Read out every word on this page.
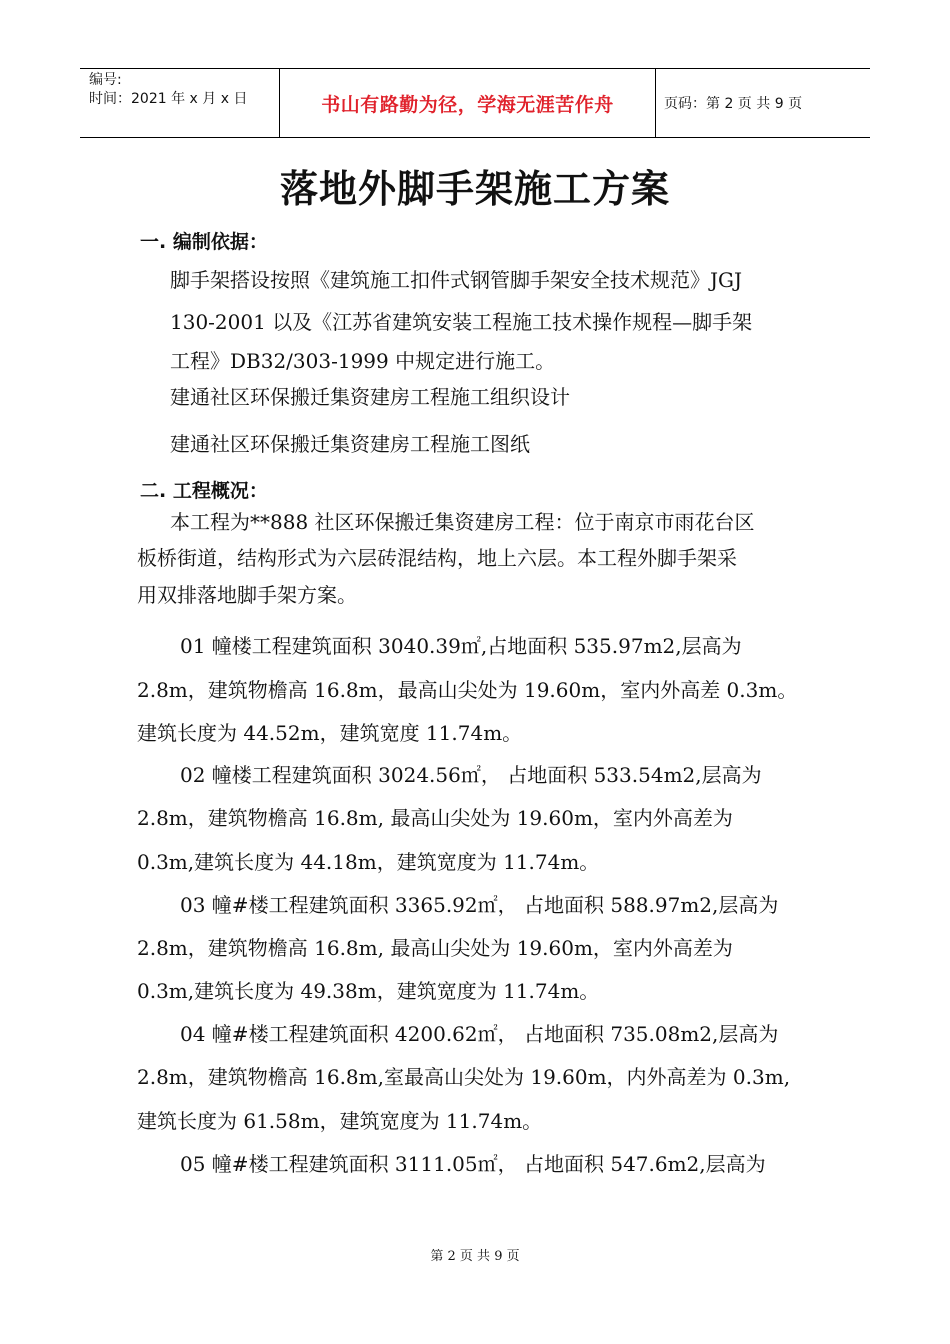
编号:
时间：2021 年 x 月 x 日	书山有路勤为径，学海无涯苦作舟	页码：第 2 页 共 9 页
落地外脚手架施工方案
一. 编制依据：
脚手架搭设按照《建筑施工扣件式钢管脚手架安全技术规范》JGJ
130-2001 以及《江苏省建筑安装工程施工技术操作规程—脚手架
工程》DB32/303-1999 中规定进行施工。
建通社区环保搬迁集资建房工程施工组织设计
建通社区环保搬迁集资建房工程施工图纸
二. 工程概况：
本工程为**888 社区环保搬迁集资建房工程：位于南京市雨花台区
板桥街道，结构形式为六层砖混结构，地上六层。本工程外脚手架采
用双排落地脚手架方案。
01 幢楼工程建筑面积 3040.39㎡,占地面积 535.97m2,层高为
2.8m，建筑物檐高 16.8m，最高山尖处为 19.60m，室内外高差 0.3m。
建筑长度为 44.52m，建筑宽度 11.74m。
02 幢楼工程建筑面积 3024.56㎡， 占地面积 533.54m2,层高为
2.8m，建筑物檐高 16.8m, 最高山尖处为 19.60m，室内外高差为
0.3m,建筑长度为 44.18m，建筑宽度为 11.74m。
03 幢#楼工程建筑面积 3365.92㎡， 占地面积 588.97m2,层高为
2.8m，建筑物檐高 16.8m, 最高山尖处为 19.60m，室内外高差为
0.3m,建筑长度为 49.38m，建筑宽度为 11.74m。
04 幢#楼工程建筑面积 4200.62㎡， 占地面积 735.08m2,层高为
2.8m，建筑物檐高 16.8m,室最高山尖处为 19.60m，内外高差为 0.3m,
建筑长度为 61.58m，建筑宽度为 11.74m。
05 幢#楼工程建筑面积 3111.05㎡， 占地面积 547.6m2,层高为
第 2 页 共 9 页
